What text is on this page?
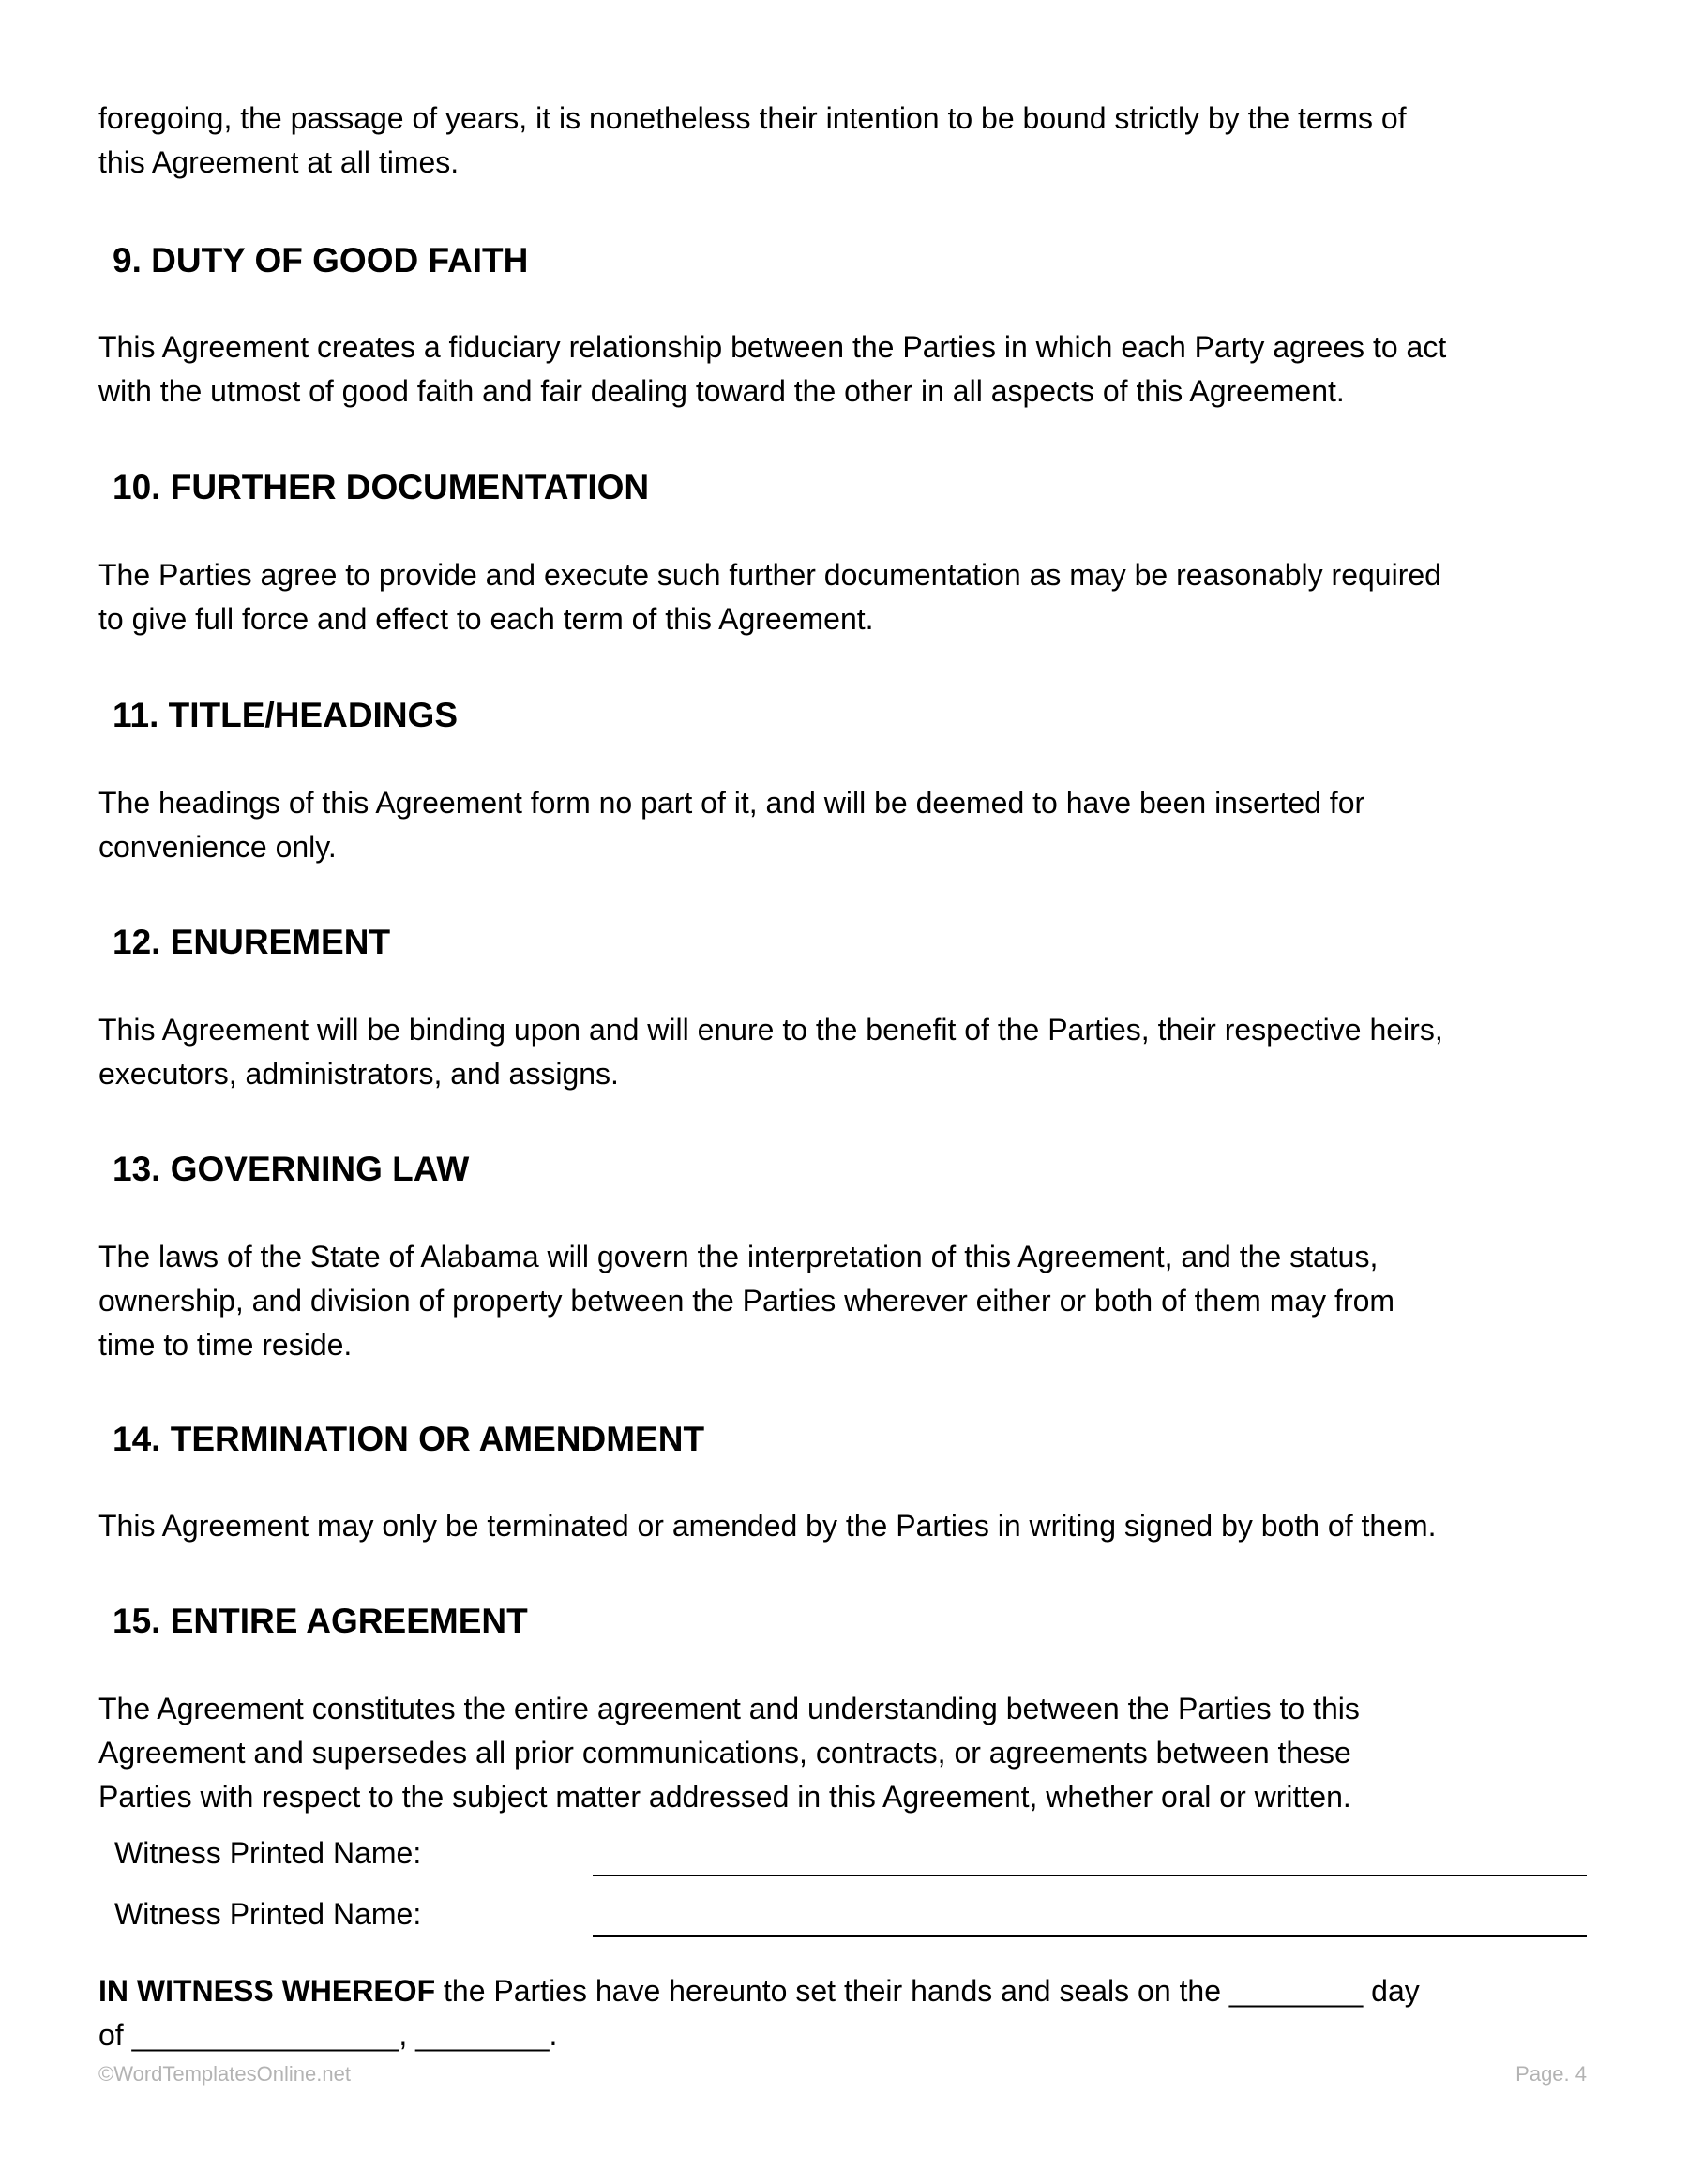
foregoing, the passage of years, it is nonetheless their intention to be bound strictly by the terms of
this Agreement at all times.

9. DUTY OF GOOD FAITH

This Agreement creates a fiduciary relationship between the Parties in which each Party agrees to act
with the utmost of good faith and fair dealing toward the other in all aspects of this Agreement.

10. FURTHER DOCUMENTATION

The Parties agree to provide and execute such further documentation as may be reasonably required
to give full force and effect to each term of this Agreement.

11. TITLE/HEADINGS

The headings of this Agreement form no part of it, and will be deemed to have been inserted for
convenience only.

12. ENUREMENT

This Agreement will be binding upon and will enure to the benefit of the Parties, their respective heirs,
executors, administrators, and assigns.

13. GOVERNING LAW

The laws of the State of Alabama will govern the interpretation of this Agreement, and the status,
ownership, and division of property between the Parties wherever either or both of them may from
time to time reside.

14. TERMINATION OR AMENDMENT

This Agreement may only be terminated or amended by the Parties in writing signed by both of them.

15. ENTIRE AGREEMENT

The Agreement constitutes the entire agreement and understanding between the Parties to this
Agreement and supersedes all prior communications, contracts, or agreements between these
Parties with respect to the subject matter addressed in this Agreement, whether oral or written.

Witness Printed Name:
Witness Printed Name:

IN WITNESS WHEREOF the Parties have hereunto set their hands and seals on the ________ day
of ________________, ________.

©WordTemplatesOnline.net	Page. 4
